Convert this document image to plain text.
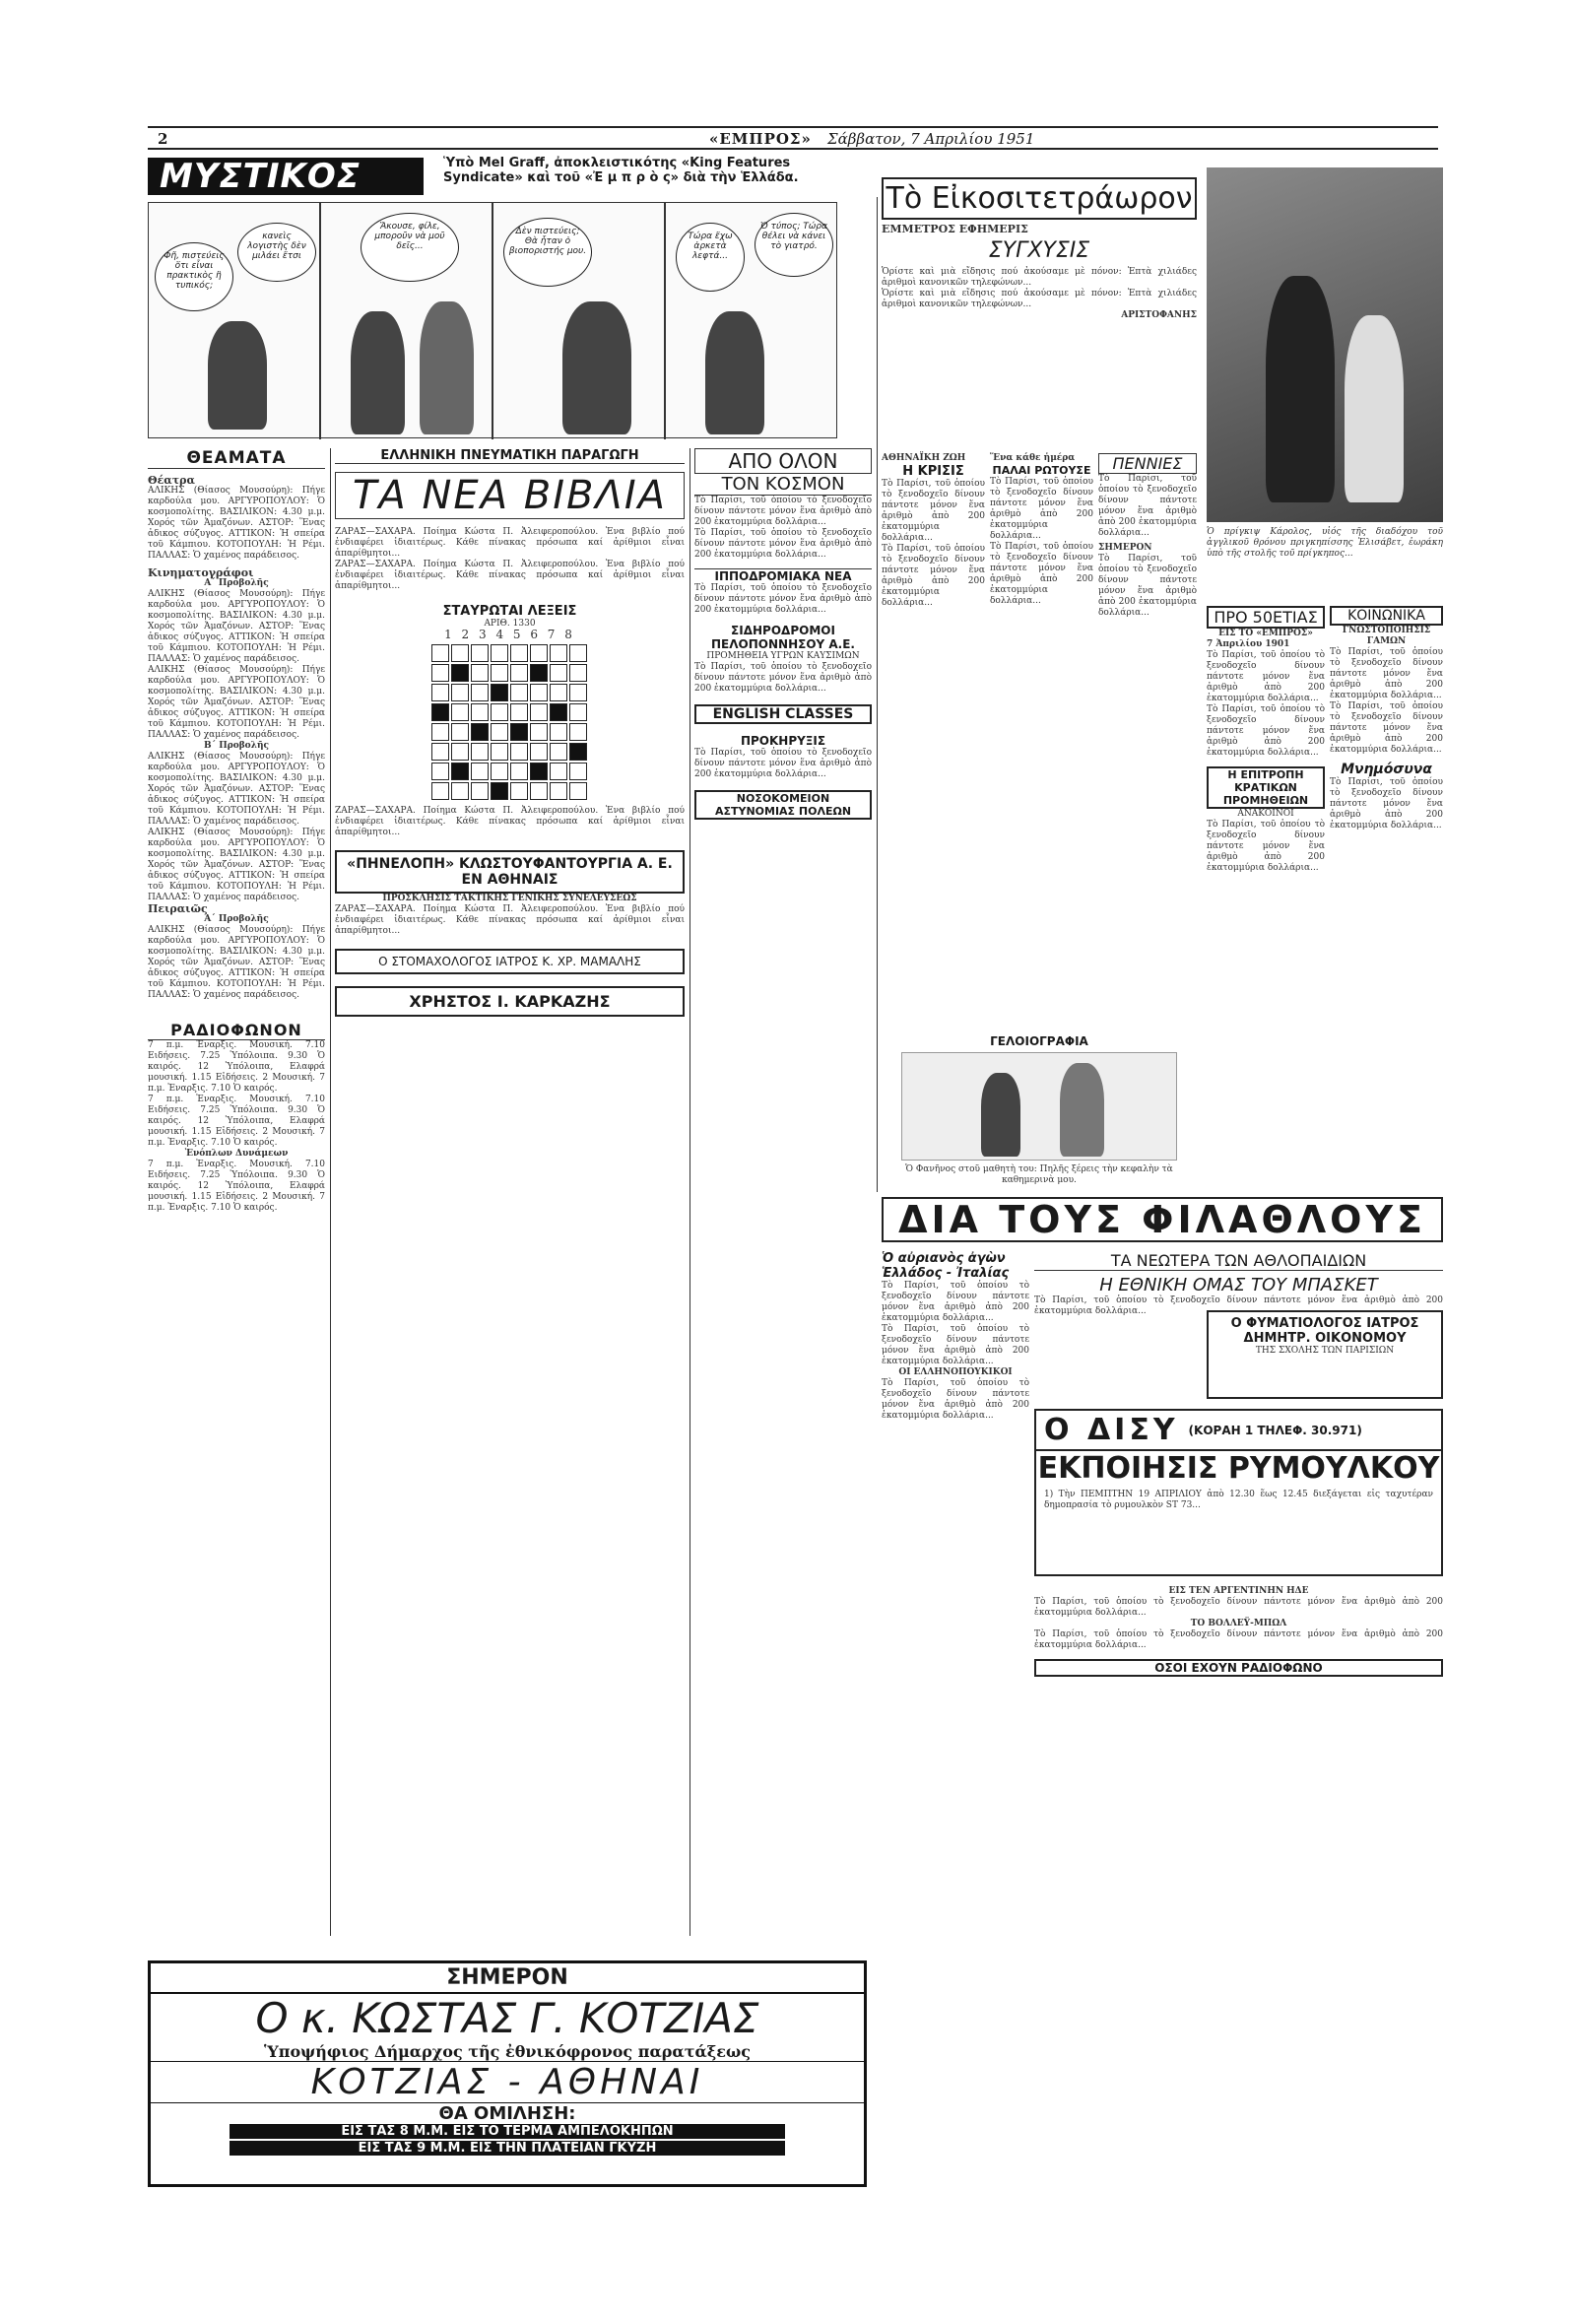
2	«ΕΜΠΡΟΣ» Σάββατον, 7 Απριλίου 1951
ΜΥΣΤΙΚΟΣ	Ὑπὸ Mel Graff, ἀποκλειστικότης «King Features Syndicate» καὶ τοῦ «Ἐ μ π ρ ὸ ς» διὰ τὴν Ἑλλάδα.
Φῆ, πιστεύεις ὅτι εἶναι πρακτικὸς ἢ τυπικός;
κανεὶς λογιστὴς δὲν μιλάει ἔτσι
Ἄκουσε, φίλε, μποροῦν νὰ μοῦ δεῖς...
Δὲν πιστεύεις; Θὰ ἦταν ὁ βιοποριστής μου.
Τώρα ἔχω ἀρκετὰ λεφτά...
Ὁ τύπος; Τώρα θέλει νὰ κάνει τὸ γιατρό.
ΘΕΑΜΑΤΑ
Θέατρα
ΑΛΙΚΗΣ (Θίασος Μουσούρη): Πήγε καρδούλα μου. ΑΡΓΥΡΟΠΟΥΛΟΥ: Ὁ κοσμοπολίτης. ΒΑΣΙΛΙΚΟΝ: 4.30 μ.μ. Χορός τῶν Ἀμαζόνων. ΑΣΤΟΡ: Ἕνας ἀδικος σύζυγος. ΑΤΤΙΚΟΝ: Ἡ σπείρα τοῦ Κάμπιου. ΚΟΤΟΠΟΥΛΗ: Ἡ Ρέμι. ΠΑΛΛΑΣ: Ὁ χαμένος παράδεισος.
Κινηματογράφοι
Α΄ Προβολῆς
ΑΛΙΚΗΣ (Θίασος Μουσούρη): Πήγε καρδούλα μου. ΑΡΓΥΡΟΠΟΥΛΟΥ: Ὁ κοσμοπολίτης. ΒΑΣΙΛΙΚΟΝ: 4.30 μ.μ. Χορός τῶν Ἀμαζόνων. ΑΣΤΟΡ: Ἕνας ἀδικος σύζυγος. ΑΤΤΙΚΟΝ: Ἡ σπείρα τοῦ Κάμπιου. ΚΟΤΟΠΟΥΛΗ: Ἡ Ρέμι. ΠΑΛΛΑΣ: Ὁ χαμένος παράδεισος.
ΑΛΙΚΗΣ (Θίασος Μουσούρη): Πήγε καρδούλα μου. ΑΡΓΥΡΟΠΟΥΛΟΥ: Ὁ κοσμοπολίτης. ΒΑΣΙΛΙΚΟΝ: 4.30 μ.μ. Χορός τῶν Ἀμαζόνων. ΑΣΤΟΡ: Ἕνας ἀδικος σύζυγος. ΑΤΤΙΚΟΝ: Ἡ σπείρα τοῦ Κάμπιου. ΚΟΤΟΠΟΥΛΗ: Ἡ Ρέμι. ΠΑΛΛΑΣ: Ὁ χαμένος παράδεισος.
Β΄ Προβολῆς
ΑΛΙΚΗΣ (Θίασος Μουσούρη): Πήγε καρδούλα μου. ΑΡΓΥΡΟΠΟΥΛΟΥ: Ὁ κοσμοπολίτης. ΒΑΣΙΛΙΚΟΝ: 4.30 μ.μ. Χορός τῶν Ἀμαζόνων. ΑΣΤΟΡ: Ἕνας ἀδικος σύζυγος. ΑΤΤΙΚΟΝ: Ἡ σπείρα τοῦ Κάμπιου. ΚΟΤΟΠΟΥΛΗ: Ἡ Ρέμι. ΠΑΛΛΑΣ: Ὁ χαμένος παράδεισος.
ΑΛΙΚΗΣ (Θίασος Μουσούρη): Πήγε καρδούλα μου. ΑΡΓΥΡΟΠΟΥΛΟΥ: Ὁ κοσμοπολίτης. ΒΑΣΙΛΙΚΟΝ: 4.30 μ.μ. Χορός τῶν Ἀμαζόνων. ΑΣΤΟΡ: Ἕνας ἀδικος σύζυγος. ΑΤΤΙΚΟΝ: Ἡ σπείρα τοῦ Κάμπιου. ΚΟΤΟΠΟΥΛΗ: Ἡ Ρέμι. ΠΑΛΛΑΣ: Ὁ χαμένος παράδεισος.
Πειραιῶς
Α΄ Προβολῆς
ΑΛΙΚΗΣ (Θίασος Μουσούρη): Πήγε καρδούλα μου. ΑΡΓΥΡΟΠΟΥΛΟΥ: Ὁ κοσμοπολίτης. ΒΑΣΙΛΙΚΟΝ: 4.30 μ.μ. Χορός τῶν Ἀμαζόνων. ΑΣΤΟΡ: Ἕνας ἀδικος σύζυγος. ΑΤΤΙΚΟΝ: Ἡ σπείρα τοῦ Κάμπιου. ΚΟΤΟΠΟΥΛΗ: Ἡ Ρέμι. ΠΑΛΛΑΣ: Ὁ χαμένος παράδεισος.
ΡΑΔΙΟΦΩΝΟΝ
7 π.μ. Ἐναρξις. Μουσική. 7.10 Ειδήσεις. 7.25 Ὑπόλοιπα. 9.30 Ὁ καιρός. 12 Ὑπόλοιπα, Ελαφρά μουσική. 1.15 Εἰδήσεις. 2 Μουσική. 7 π.μ. Ἐναρξις. 7.10 Ὁ καιρός.
7 π.μ. Ἐναρξις. Μουσική. 7.10 Ειδήσεις. 7.25 Ὑπόλοιπα. 9.30 Ὁ καιρός. 12 Ὑπόλοιπα, Ελαφρά μουσική. 1.15 Εἰδήσεις. 2 Μουσική. 7 π.μ. Ἐναρξις. 7.10 Ὁ καιρός.
Ἐνόπλων Δυνάμεων
7 π.μ. Ἐναρξις. Μουσική. 7.10 Ειδήσεις. 7.25 Ὑπόλοιπα. 9.30 Ὁ καιρός. 12 Ὑπόλοιπα, Ελαφρά μουσική. 1.15 Εἰδήσεις. 2 Μουσική. 7 π.μ. Ἐναρξις. 7.10 Ὁ καιρός.
ΕΛΛΗΝΙΚΗ ΠΝΕΥΜΑΤΙΚΗ ΠΑΡΑΓΩΓΗ
ΤΑ ΝΕΑ ΒΙΒΛΙΑ
ΖΑΡΑΣ—ΣΑΧΑΡΑ. Ποίημα Κώστα Π. Ἀλειφεροπούλου. Ἐνα βιβλίο πού ἐνδιαφέρει ἰδιαιτέρως. Κάθε πίνακας πρόσωπα καί ἀρίθμιοι εἶναι ἀπαρίθμητοι...
ΖΑΡΑΣ—ΣΑΧΑΡΑ. Ποίημα Κώστα Π. Ἀλειφεροπούλου. Ἐνα βιβλίο πού ἐνδιαφέρει ἰδιαιτέρως. Κάθε πίνακας πρόσωπα καί ἀρίθμιοι εἶναι ἀπαρίθμητοι...
ΣΤΑΥΡΩΤΑΙ ΛΕΞΕΙΣ
ΑΡΙΘ. 1330
1 2 3 4 5 6 7 8
ΖΑΡΑΣ—ΣΑΧΑΡΑ. Ποίημα Κώστα Π. Ἀλειφεροπούλου. Ἐνα βιβλίο πού ἐνδιαφέρει ἰδιαιτέρως. Κάθε πίνακας πρόσωπα καί ἀρίθμιοι εἶναι ἀπαρίθμητοι...
«ΠΗΝΕΛΟΠΗ» ΚΛΩΣΤΟΥΦΑΝΤΟΥΡΓΙΑ Α. Ε. ΕΝ ΑΘΗΝΑΙΣ
ΠΡΟΣΚΛΗΣΙΣ ΤΑΚΤΙΚΗΣ ΓΕΝΙΚΗΣ ΣΥΝΕΛΕΥΣΕΩΣ
ΖΑΡΑΣ—ΣΑΧΑΡΑ. Ποίημα Κώστα Π. Ἀλειφεροπούλου. Ἐνα βιβλίο πού ἐνδιαφέρει ἰδιαιτέρως. Κάθε πίνακας πρόσωπα καί ἀρίθμιοι εἶναι ἀπαρίθμητοι...
Ο ΣΤΟΜΑΧΟΛΟΓΟΣ ΙΑΤΡΟΣ Κ. ΧΡ. ΜΑΜΑΛΗΣ
ΧΡΗΣΤΟΣ Ι. ΚΑΡΚΑΖΗΣ
ΑΠΟ ΟΛΟΝ
ΤΟΝ ΚΟΣΜΟΝ
Τὸ Παρίσι, τοῦ ὁποίου τὸ ξενοδοχεῖο δίνουν πάντοτε μόνον ἕνα ἀριθμὸ ἀπὸ 200 ἑκατομμύρια δολλάρια...
Τὸ Παρίσι, τοῦ ὁποίου τὸ ξενοδοχεῖο δίνουν πάντοτε μόνον ἕνα ἀριθμὸ ἀπὸ 200 ἑκατομμύρια δολλάρια...
ΙΠΠΟΔΡΟΜΙΑΚΑ ΝΕΑ
Τὸ Παρίσι, τοῦ ὁποίου τὸ ξενοδοχεῖο δίνουν πάντοτε μόνον ἕνα ἀριθμὸ ἀπὸ 200 ἑκατομμύρια δολλάρια...
ΣΙΔΗΡΟΔΡΟΜΟΙ ΠΕΛΟΠΟΝΝΗΣΟΥ Α.Ε.
ΠΡΟΜΗΘΕΙΑ ΥΓΡΩΝ ΚΑΥΣΙΜΩΝ
Τὸ Παρίσι, τοῦ ὁποίου τὸ ξενοδοχεῖο δίνουν πάντοτε μόνον ἕνα ἀριθμὸ ἀπὸ 200 ἑκατομμύρια δολλάρια...
ENGLISH CLASSES
ΠΡΟΚΗΡΥΞΙΣ
Τὸ Παρίσι, τοῦ ὁποίου τὸ ξενοδοχεῖο δίνουν πάντοτε μόνον ἕνα ἀριθμὸ ἀπὸ 200 ἑκατομμύρια δολλάρια...
ΝΟΣΟΚΟΜΕΙΟΝ ΑΣΤΥΝΟΜΙΑΣ ΠΟΛΕΩΝ
Τὸ Εἰκοσιτετράωρον
ΕΜΜΕΤΡΟΣ ΕΦΗΜΕΡΙΣ
ΣΥΓΧΥΣΙΣ
Ὁρίστε καὶ μιὰ εἴδησις πού ἀκούσαμε μὲ πόνον: Ἑπτὰ χιλιάδες ἀριθμοὶ κανονικῶν τηλεφώνων...
Ὁρίστε καὶ μιὰ εἴδησις πού ἀκούσαμε μὲ πόνον: Ἑπτὰ χιλιάδες ἀριθμοὶ κανονικῶν τηλεφώνων...
ΑΡΙΣΤΟΦΑΝΗΣ
ΑΘΗΝΑΪΚΗ ΖΩΗ
Η ΚΡΙΣΙΣ
Τὸ Παρίσι, τοῦ ὁποίου τὸ ξενοδοχεῖο δίνουν πάντοτε μόνον ἕνα ἀριθμὸ ἀπὸ 200 ἑκατομμύρια δολλάρια...
Τὸ Παρίσι, τοῦ ὁποίου τὸ ξενοδοχεῖο δίνουν πάντοτε μόνον ἕνα ἀριθμὸ ἀπὸ 200 ἑκατομμύρια δολλάρια...
Ἕνα κάθε ἡμέρα
ΠΑΛΑΙ ΡΩΤΟΥΣΕ
Τὸ Παρίσι, τοῦ ὁποίου τὸ ξενοδοχεῖο δίνουν πάντοτε μόνον ἕνα ἀριθμὸ ἀπὸ 200 ἑκατομμύρια δολλάρια...
Τὸ Παρίσι, τοῦ ὁποίου τὸ ξενοδοχεῖο δίνουν πάντοτε μόνον ἕνα ἀριθμὸ ἀπὸ 200 ἑκατομμύρια δολλάρια...
ΠΕΝΝΙΕΣ
Τὸ Παρίσι, τοῦ ὁποίου τὸ ξενοδοχεῖο δίνουν πάντοτε μόνον ἕνα ἀριθμὸ ἀπὸ 200 ἑκατομμύρια δολλάρια...
ΣΗΜΕΡΟΝ
Τὸ Παρίσι, τοῦ ὁποίου τὸ ξενοδοχεῖο δίνουν πάντοτε μόνον ἕνα ἀριθμὸ ἀπὸ 200 ἑκατομμύρια δολλάρια...
ΓΕΛΟΙΟΓΡΑΦΙΑ
Ὁ Φανῆνος στοῦ μαθητὴ του: Πηλῆς ξέρεις τὴν κεφαλὴν τὰ καθημερινὰ μου.
Ὁ πρίγκιψ Κάρολος, υἱός τῆς διαδόχου τοῦ ἀγγλικοῦ θρόνου πριγκηπίσσης Ἐλισάβετ, ἐωράκη ὑπὸ τῆς στολῆς τοῦ πρίγκηπος...
ΠΡΟ 50ΕΤΙΑΣ
ΕΙΣ ΤΟ «ΕΜΠΡΟΣ»
7 Ἀπριλίου 1901
Τὸ Παρίσι, τοῦ ὁποίου τὸ ξενοδοχεῖο δίνουν πάντοτε μόνον ἕνα ἀριθμὸ ἀπὸ 200 ἑκατομμύρια δολλάρια...
Τὸ Παρίσι, τοῦ ὁποίου τὸ ξενοδοχεῖο δίνουν πάντοτε μόνον ἕνα ἀριθμὸ ἀπὸ 200 ἑκατομμύρια δολλάρια...
Η ΕΠΙΤΡΟΠΗ ΚΡΑΤΙΚΩΝ ΠΡΟΜΗΘΕΙΩΝ
ΑΝΑΚΟΙΝΟΙ
Τὸ Παρίσι, τοῦ ὁποίου τὸ ξενοδοχεῖο δίνουν πάντοτε μόνον ἕνα ἀριθμὸ ἀπὸ 200 ἑκατομμύρια δολλάρια...
ΚΟΙΝΩΝΙΚΑ
ΓΝΩΣΤΟΠΟΙΗΣΙΣ ΓΑΜΩΝ
Τὸ Παρίσι, τοῦ ὁποίου τὸ ξενοδοχεῖο δίνουν πάντοτε μόνον ἕνα ἀριθμὸ ἀπὸ 200 ἑκατομμύρια δολλάρια...
Τὸ Παρίσι, τοῦ ὁποίου τὸ ξενοδοχεῖο δίνουν πάντοτε μόνον ἕνα ἀριθμὸ ἀπὸ 200 ἑκατομμύρια δολλάρια...
Μνημόσυνα
Τὸ Παρίσι, τοῦ ὁποίου τὸ ξενοδοχεῖο δίνουν πάντοτε μόνον ἕνα ἀριθμὸ ἀπὸ 200 ἑκατομμύρια δολλάρια...
ΔΙΑ ΤΟΥΣ ΦΙΛΑΘΛΟΥΣ
Ὁ αὐριανὸς ἀγὼν Ἑλλάδος - Ἰταλίας
Τὸ Παρίσι, τοῦ ὁποίου τὸ ξενοδοχεῖο δίνουν πάντοτε μόνον ἕνα ἀριθμὸ ἀπὸ 200 ἑκατομμύρια δολλάρια...
Τὸ Παρίσι, τοῦ ὁποίου τὸ ξενοδοχεῖο δίνουν πάντοτε μόνον ἕνα ἀριθμὸ ἀπὸ 200 ἑκατομμύρια δολλάρια...
ΟΙ ΕΛΛΗΝΟΠΟΥΚΙΚΟΙ
Τὸ Παρίσι, τοῦ ὁποίου τὸ ξενοδοχεῖο δίνουν πάντοτε μόνον ἕνα ἀριθμὸ ἀπὸ 200 ἑκατομμύρια δολλάρια...
ΤΑ ΝΕΩΤΕΡΑ ΤΩΝ ΑΘΛΟΠΑΙΔΙΩΝ
Η ΕΘΝΙΚΗ ΟΜΑΣ ΤΟΥ ΜΠΑΣΚΕΤ
Τὸ Παρίσι, τοῦ ὁποίου τὸ ξενοδοχεῖο δίνουν πάντοτε μόνον ἕνα ἀριθμὸ ἀπὸ 200 ἑκατομμύρια δολλάρια...
Ο ΔΙΣΥ (ΚΟΡΑΗ 1 ΤΗΛΕΦ. 30.971)
ΕΚΠΟΙΗΣΙΣ ΡΥΜΟΥΛΚΟΥ
1) Τὴν ΠΕΜΠΤΗΝ 19 ΑΠΡΙΛΙΟΥ ἀπὸ 12.30 ἕως 12.45 διεξάγεται εἰς ταχυτέραν δημοπρασία τὸ ρυμουλκὸν ST 73...
Ο ΦΥΜΑΤΙΟΛΟΓΟΣ ΙΑΤΡΟΣ ΔΗΜΗΤΡ. ΟΙΚΟΝΟΜΟΥ
ΤΗΣ ΣΧΟΛΗΣ ΤΩΝ ΠΑΡΙΣΙΩΝ
ΕΙΣ ΤΕΝ ΑΡΓΕΝΤΙΝΗΝ ΗΔΕ
Τὸ Παρίσι, τοῦ ὁποίου τὸ ξενοδοχεῖο δίνουν πάντοτε μόνον ἕνα ἀριθμὸ ἀπὸ 200 ἑκατομμύρια δολλάρια...
ΤΟ ΒΟΛΛΕΫ-ΜΠΩΛ
Τὸ Παρίσι, τοῦ ὁποίου τὸ ξενοδοχεῖο δίνουν πάντοτε μόνον ἕνα ἀριθμὸ ἀπὸ 200 ἑκατομμύρια δολλάρια...
ΟΣΟΙ ΕΧΟΥΝ ΡΑΔΙΟΦΩΝΟ
ΣΗΜΕΡΟΝ
Ο κ. ΚΩΣΤΑΣ Γ. ΚΟΤΖΙΑΣ
Ὑποψήφιος Δήμαρχος τῆς ἐθνικόφρονος παρατάξεως
ΚΟΤΖΙΑΣ - ΑΘΗΝΑΙ
ΘΑ ΟΜΙΛΗΣΗ:
ΕΙΣ ΤΑΣ 8 Μ.Μ. ΕΙΣ ΤΟ ΤΕΡΜΑ ΑΜΠΕΛΟΚΗΠΩΝ
ΕΙΣ ΤΑΣ 9 Μ.Μ. ΕΙΣ ΤΗΝ ΠΛΑΤΕΙΑΝ ΓΚΥΖΗ
